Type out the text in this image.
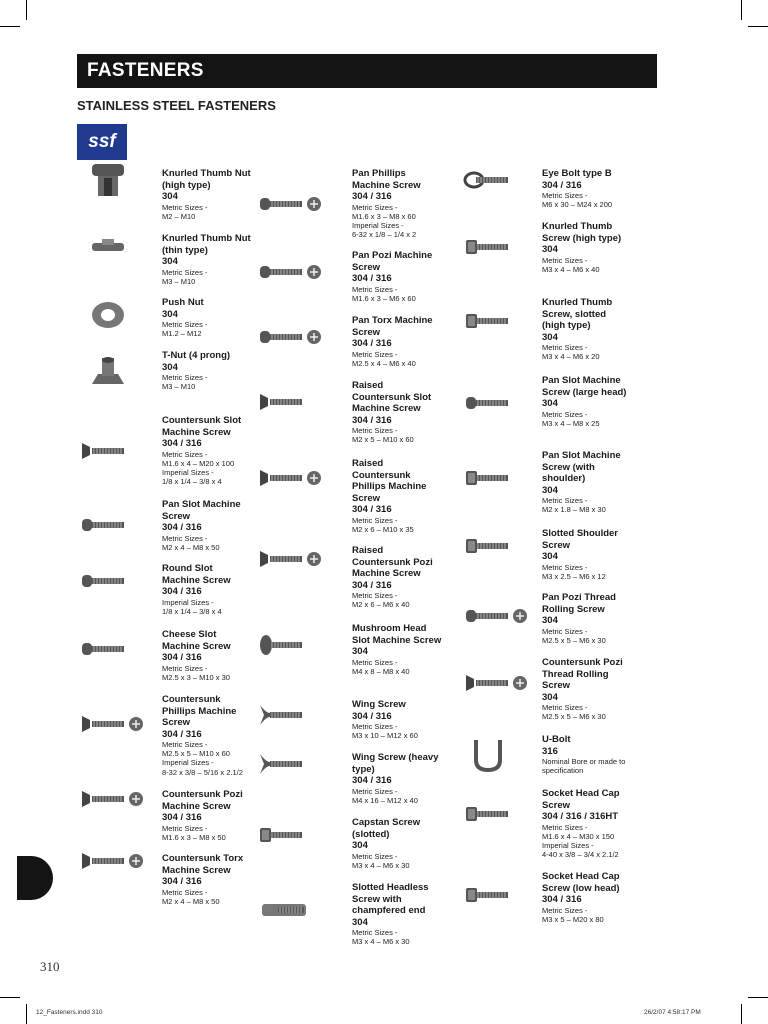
FASTENERS
STAINLESS STEEL FASTENERS
ssf
Knurled Thumb Nut (high type)
304
Metric Sizes -
M2 – M10
Knurled Thumb Nut (thin type)
304
Metric Sizes -
M3 – M10
Push Nut
304
Metric Sizes -
M1.2 – M12
T-Nut (4 prong)
304
Metric Sizes -
M3 – M10
Countersunk Slot Machine Screw
304 / 316
Metric Sizes -
M1.6 x 4 – M20 x 100
Imperial Sizes -
1/8 x 1/4 – 3/8 x 4
Pan Slot Machine Screw
304 / 316
Metric Sizes -
M2 x 4 – M8 x 50
Round Slot Machine Screw
304 / 316
Imperial Sizes -
1/8 x 1/4 – 3/8 x 4
Cheese Slot Machine Screw
304 / 316
Metric Sizes -
M2.5 x 3 – M10 x 30
Countersunk Phillips Machine Screw
304 / 316
Metric Sizes -
M2.5 x 5 – M10 x 60
Imperial Sizes -
8-32 x 3/8 – 5/16 x 2.1/2
Countersunk Pozi Machine Screw
304 / 316
Metric Sizes -
M1.6 x 3 – M8 x 50
Countersunk Torx Machine Screw
304 / 316
Metric Sizes -
M2 x 4 – M8 x 50
Pan Phillips Machine Screw
304 / 316
Metric Sizes -
M1.6 x 3 – M8 x 60
Imperial Sizes -
6-32 x 1/8 – 1/4 x 2
Pan Pozi Machine Screw
304 / 316
Metric Sizes -
M1.6 x 3 – M6 x 60
Pan Torx Machine Screw
304 / 316
Metric Sizes -
M2.5 x 4 – M6 x 40
Raised Countersunk Slot Machine Screw
304 / 316
Metric Sizes -
M2 x 5 – M10 x 60
Raised Countersunk Phillips Machine Screw
304 / 316
Metric Sizes -
M2 x 6 – M10 x 35
Raised Countersunk Pozi Machine Screw
304 / 316
Metric Sizes -
M2 x 6 – M6 x 40
Mushroom Head Slot Machine Screw
304
Metric Sizes -
M4 x 8 – M8 x 40
Wing Screw
304 / 316
Metric Sizes -
M3 x 10 – M12 x 60
Wing Screw (heavy type)
304 / 316
Metric Sizes -
M4 x 16 – M12 x 40
Capstan Screw (slotted)
304
Metric Sizes -
M3 x 4 – M6 x 30
Slotted Headless Screw with champfered end
304
Metric Sizes -
M3 x 4 – M6 x 30
Eye Bolt type B
304 / 316
Metric Sizes -
M6 x 30 – M24 x 200
Knurled Thumb Screw (high type)
304
Metric Sizes -
M3 x 4 – M6 x 40
Knurled Thumb Screw, slotted (high type)
304
Metric Sizes -
M3 x 4 – M6 x 20
Pan Slot Machine Screw (large head)
304
Metric Sizes -
M3 x 4 – M8 x 25
Pan Slot Machine Screw (with shoulder)
304
Metric Sizes -
M2 x 1.8 – M8 x 30
Slotted Shoulder Screw
304
Metric Sizes -
M3 x 2.5 – M6 x 12
Pan Pozi Thread Rolling Screw
304
Metric Sizes -
M2.5 x 5 – M6 x 30
Countersunk Pozi Thread Rolling Screw
304
Metric Sizes -
M2.5 x 5 – M6 x 30
U-Bolt
316
Nominal Bore or made to specification
Socket Head Cap Screw
304 / 316 / 316HT
Metric Sizes -
M1.6 x 4 – M30 x 150
Imperial Sizes -
4-40 x 3/8 – 3/4 x 2.1/2
Socket Head Cap Screw (low head)
304 / 316
Metric Sizes -
M3 x 5 – M20 x 80
310
12_Fasteners.indd 310	26/2/07 4:58:17 PM
